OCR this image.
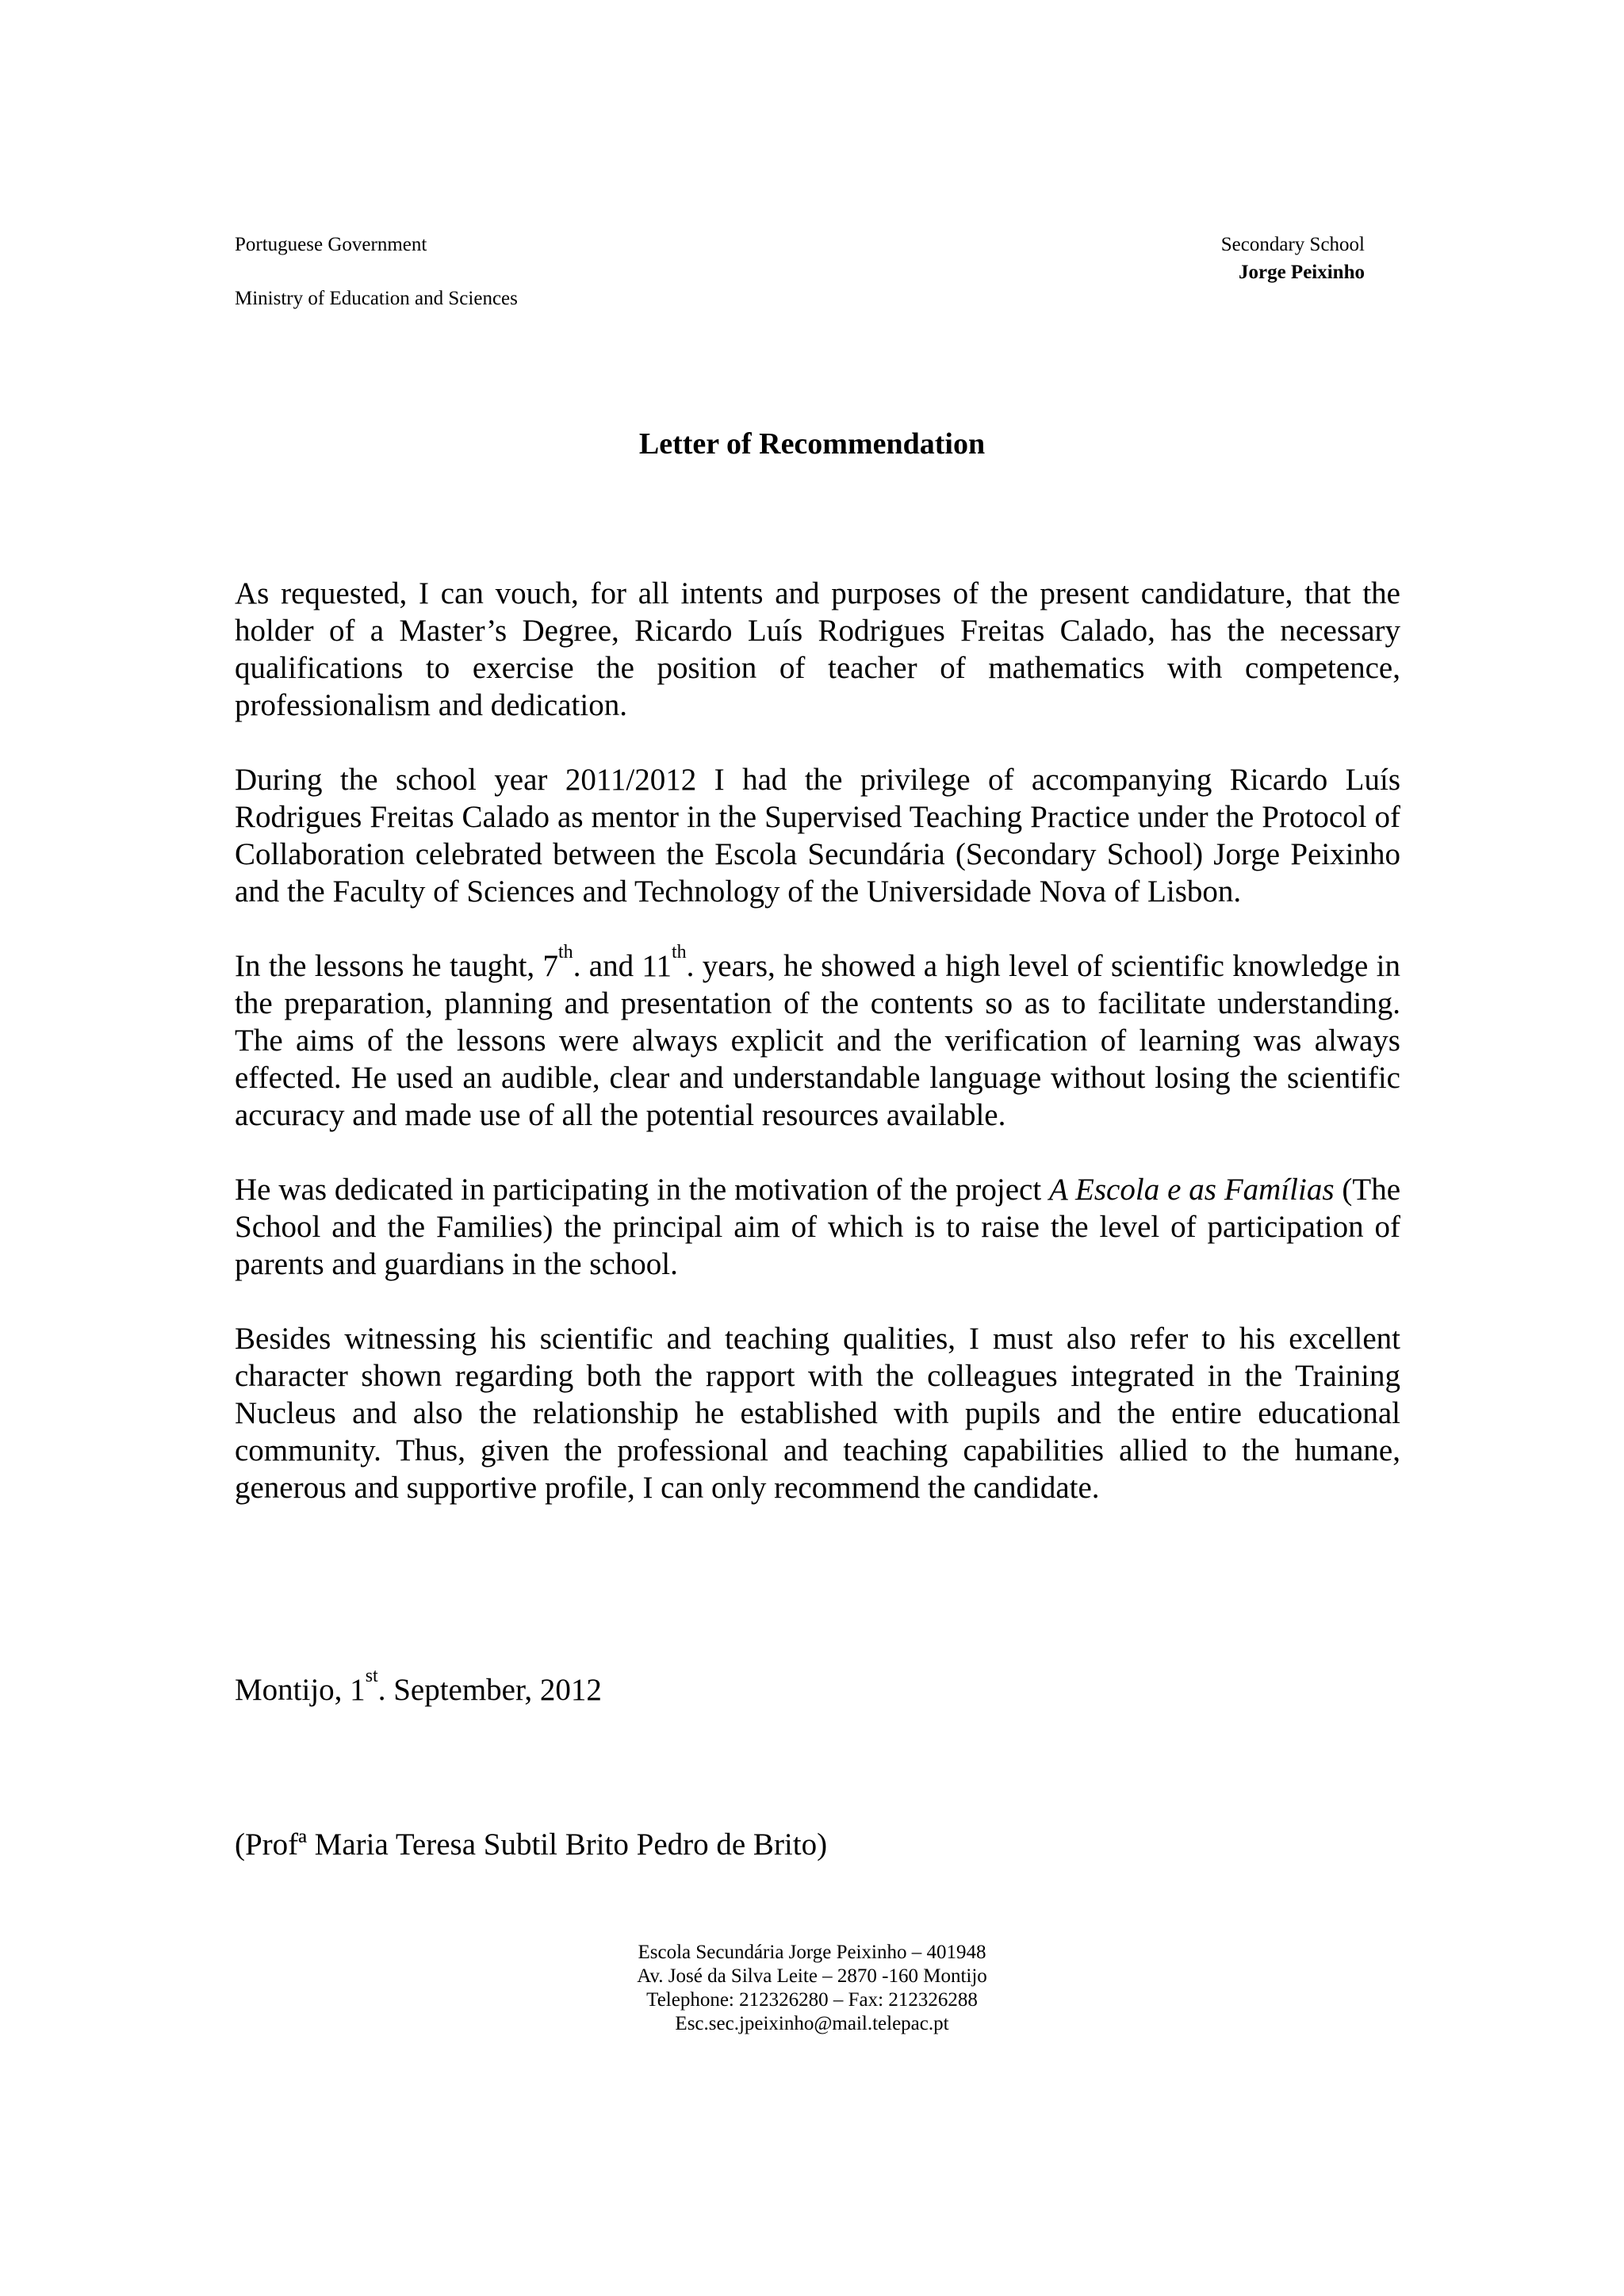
Portuguese Government
Ministry of Education and Sciences
Secondary School
Jorge Peixinho
Letter of Recommendation

As requested, I can vouch, for all intents and purposes of the present candidature, that the holder of a Master’s Degree, Ricardo Luís Rodrigues Freitas Calado, has the necessary qualifications to exercise the position of teacher of mathematics with competence, professionalism and dedication.

During the school year 2011/2012 I had the privilege of accompanying Ricardo Luís Rodrigues Freitas Calado as mentor in the Supervised Teaching Practice under the Protocol of Collaboration celebrated between the Escola Secundária (Secondary School) Jorge Peixinho and the Faculty of Sciences and Technology of the Universidade Nova of Lisbon.

In the lessons he taught, 7th. and 11th. years, he showed a high level of scientific knowledge in the preparation, planning and presentation of the contents so as to facilitate understanding. The aims of the lessons were always explicit and the verification of learning was always effected. He used an audible, clear and understandable language without losing the scientific accuracy and made use of all the potential resources available.

He was dedicated in participating in the motivation of the project A Escola e as Famílias (The School and the Families) the principal aim of which is to raise the level of participation of parents and guardians in the school.

Besides witnessing his scientific and teaching qualities, I must also refer to his excellent character shown regarding both the rapport with the colleagues integrated in the Training Nucleus and also the relationship he established with pupils and the entire educational community. Thus, given the professional and teaching capabilities allied to the humane, generous and supportive profile, I can only recommend the candidate.

Montijo, 1st. September, 2012
(Profª Maria Teresa Subtil Brito Pedro de Brito)
Escola Secundária Jorge Peixinho – 401948
Av. José da Silva Leite – 2870 -160 Montijo
Telephone: 212326280 – Fax: 212326288
Esc.sec.jpeixinho@mail.telepac.pt
